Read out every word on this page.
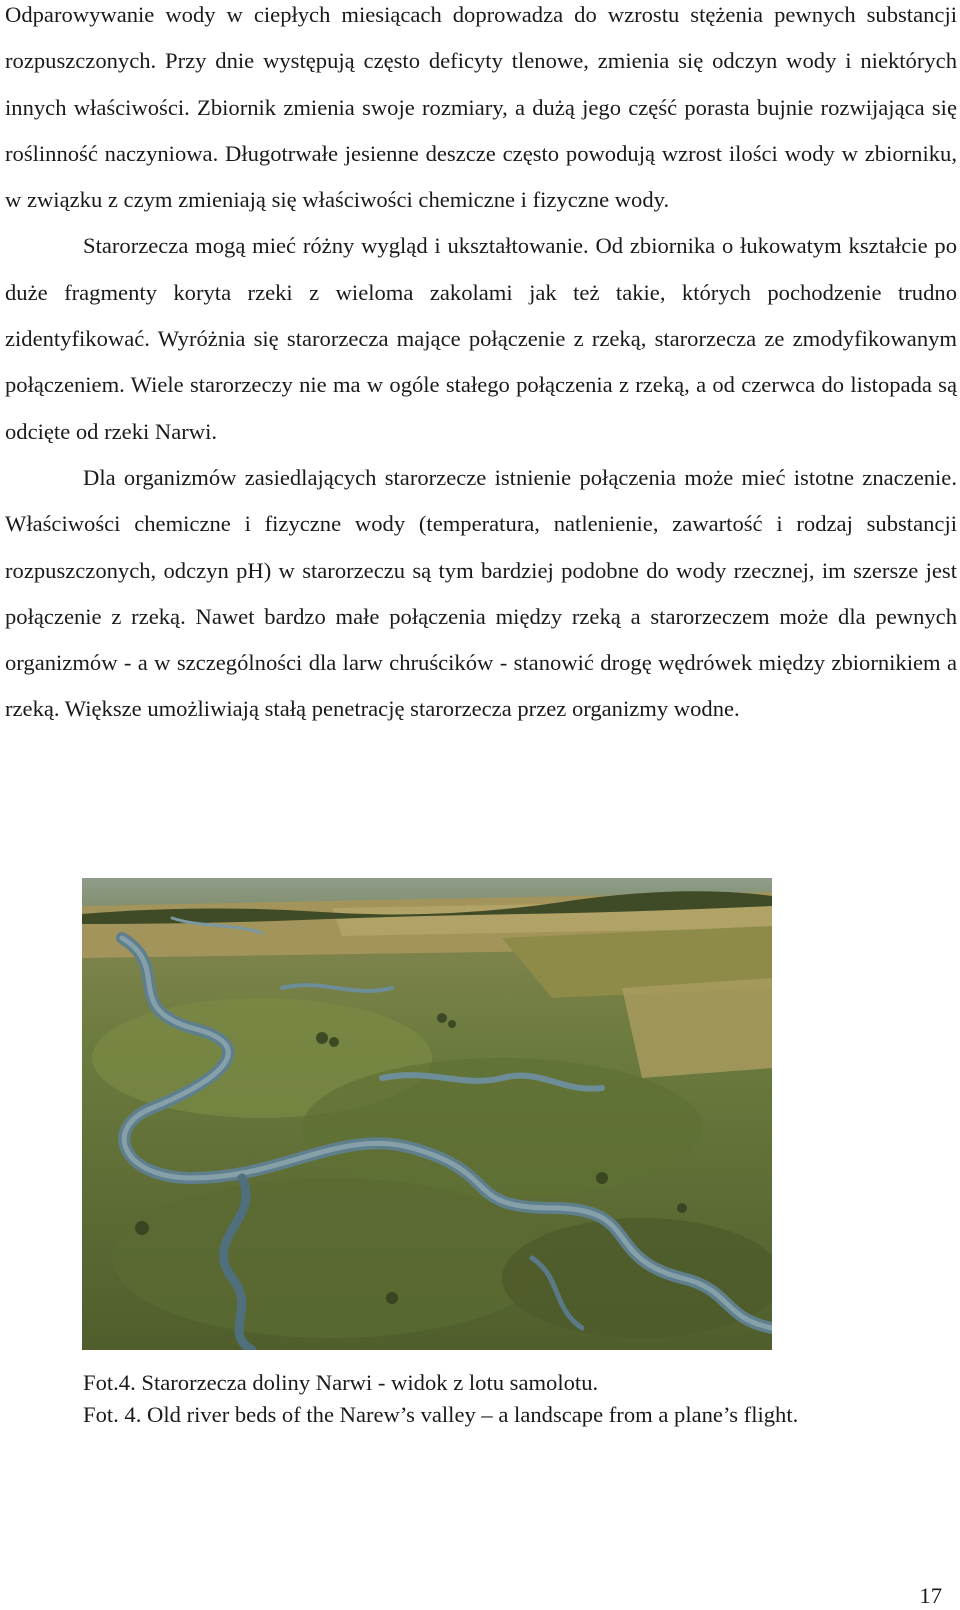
Odparowywanie wody w ciepłych miesiącach doprowadza do wzrostu stężenia pewnych substancji rozpuszczonych. Przy dnie występują często deficyty tlenowe, zmienia się odczyn wody i niektórych innych właściwości. Zbiornik zmienia swoje rozmiary, a dużą jego część porasta bujnie rozwijająca się roślinność naczyniowa. Długotrwałe jesienne deszcze często powodują wzrost ilości wody w zbiorniku, w związku z czym zmieniają się właściwości chemiczne i fizyczne wody.

Starorzecza mogą mieć różny wygląd i ukształtowanie. Od zbiornika o łukowatym kształcie po duże fragmenty koryta rzeki z wieloma zakolami jak też takie, których pochodzenie trudno zidentyfikować. Wyróżnia się starorzecza mające połączenie z rzeką, starorzecza ze zmodyfikowanym połączeniem. Wiele starorzeczy nie ma w ogóle stałego połączenia z rzeką, a od czerwca do listopada są odcięte od rzeki Narwi.

Dla organizmów zasiedlających starorzecze istnienie połączenia może mieć istotne znaczenie. Właściwości chemiczne i fizyczne wody (temperatura, natlenienie, zawartość i rodzaj substancji rozpuszczonych, odczyn pH) w starorzeczu są tym bardziej podobne do wody rzecznej, im szersze jest połączenie z rzeką. Nawet bardzo małe połączenia między rzeką a starorzeczem może dla pewnych organizmów - a w szczególności dla larw chruścików - stanowić drogę wędrówek między zbiornikiem a rzeką. Większe umożliwiają stałą penetrację starorzecza przez organizmy wodne.

Fot.4. Starorzecza doliny Narwi - widok z lotu samolotu.
Fot. 4. Old river beds of the Narew’s valley – a landscape from a plane’s flight.
17
